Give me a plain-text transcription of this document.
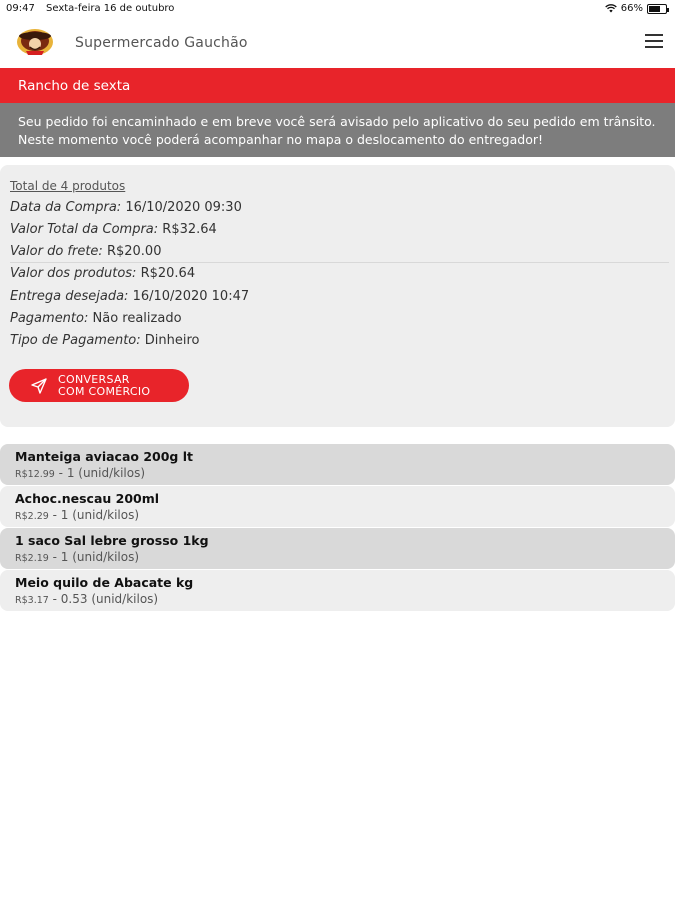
09:47 Sexta-feira 16 de outubro	66%
Supermercado Gauchão
Rancho de sexta

Seu pedido foi encaminhado e em breve você será avisado pelo aplicativo do seu pedido em trânsito. Neste momento você poderá acompanhar no mapa o deslocamento do entregador!

Total de 4 produtos
Data da Compra: 16/10/2020 09:30
Valor Total da Compra: R$32.64
Valor do frete: R$20.00
Valor dos produtos: R$20.64
Entrega desejada: 16/10/2020 10:47
Pagamento: Não realizado
Tipo de Pagamento: Dinheiro
CONVERSAR
COM COMÉRCIO
Manteiga aviacao 200g lt
R$12.99 - 1 (unid/kilos)
Achoc.nescau 200ml
R$2.29 - 1 (unid/kilos)
1 saco Sal lebre grosso 1kg
R$2.19 - 1 (unid/kilos)
Meio quilo de Abacate kg
R$3.17 - 0.53 (unid/kilos)
